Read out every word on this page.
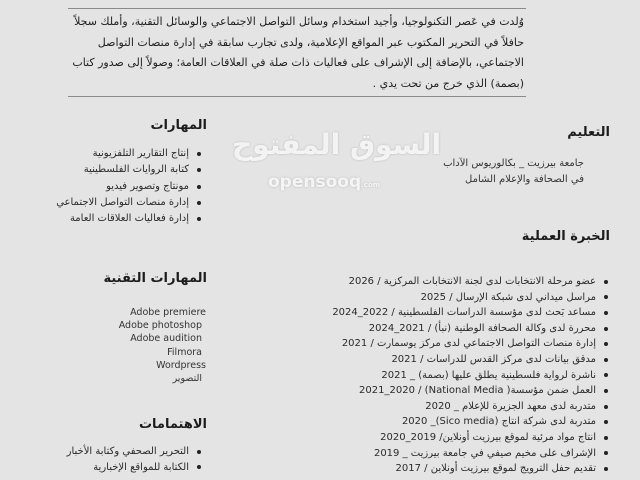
وُلدت في عَصر التكنولوجيا، وأجيد استخدام وسائل التواصل الاجتماعي والوسائل التقنية، وأملك سجلاً
حافلاً في التحرير المكتوب عبر المواقع الإعلامية، ولدى تجارب سابقة في إدارة منصات التواصل
الاجتماعي، بالإضافة إلى الإشراف على فعاليات ذات صلة في العلاقات العامة؛ وصولاً إلى صدور كتاب
(بصمة) الذي خرج من تحت يدي .
التعليم
جامعة بيرزيت _ بكالوريوس الآداب
في الصحافة والإعلام الشامل
الخبرة العملية
عضو مرحلة الانتخابات لدى لجنة الانتخابات المركزية / 2026
مراسل ميداني لدى شبكة الإرسال / 2025
مساعد بَحث لدى مؤسسة الدراسات الفلسطينية / 2022_2024
محررة لدى وكالة الصحافة الوطنية (نبأ) / 2021_2024
إدارة منصات التواصل الاجتماعي لدى مركز يوسمارت / 2021
مدقق بيانات لدى مركز القدس للدراسات / 2021
ناشرة لرواية فلسطينية يطلق عليها (بصمة) _ 2021
العمل ضمن مؤسسة( National Media) / 2021_2020
متدربة لدى معهد الجزيرة للإعلام _ 2020
متدربة لدى شركة انتاج (Sico media)_ 2020
انتاج مواد مرئية لموقع بيرزيت أونلاين/ 2019_2020
الإشراف على مخيم صيفي في جامعة بيرزيت _ 2019
تقديم حفل الترويج لموقع بيرزيت أونلاين / 2017
المهارات
إنتاج التقارير التلفزيونية
كتابة الروايات الفلسطينية
مونتاج وتصوير فيديو
إدارة منصات التواصل الاجتماعي
إدارة فعاليات العلاقات العامة
المهارات التقنية
Adobe premiere
Adobe photoshop
Adobe audition
Filmora
Wordpress
التصوير
الاهتمامات
التحرير الصحفي وكتابة الأخبار
الكتابة للمواقع الإخبارية
السوق المفتوح
opensooq.com
